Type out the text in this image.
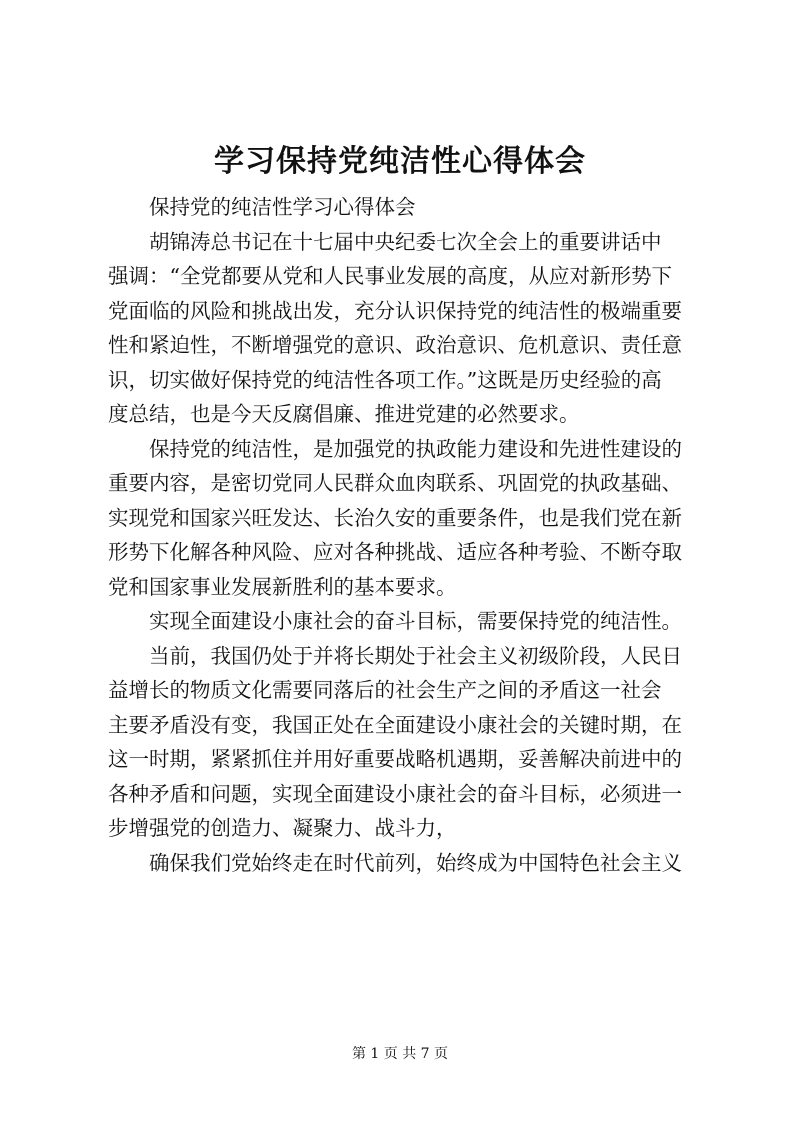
学习保持党纯洁性心得体会
保持党的纯洁性学习心得体会
胡锦涛总书记在十七届中央纪委七次全会上的重要讲话中
强调：“全党都要从党和人民事业发展的高度，从应对新形势下
党面临的风险和挑战出发，充分认识保持党的纯洁性的极端重要
性和紧迫性，不断增强党的意识、政治意识、危机意识、责任意
识，切实做好保持党的纯洁性各项工作。”这既是历史经验的高
度总结，也是今天反腐倡廉、推进党建的必然要求。
保持党的纯洁性，是加强党的执政能力建设和先进性建设的
重要内容，是密切党同人民群众血肉联系、巩固党的执政基础、
实现党和国家兴旺发达、长治久安的重要条件，也是我们党在新
形势下化解各种风险、应对各种挑战、适应各种考验、不断夺取
党和国家事业发展新胜利的基本要求。
实现全面建设小康社会的奋斗目标，需要保持党的纯洁性。
当前，我国仍处于并将长期处于社会主义初级阶段，人民日
益增长的物质文化需要同落后的社会生产之间的矛盾这一社会
主要矛盾没有变，我国正处在全面建设小康社会的关键时期，在
这一时期，紧紧抓住并用好重要战略机遇期，妥善解决前进中的
各种矛盾和问题，实现全面建设小康社会的奋斗目标，必须进一
步增强党的创造力、凝聚力、战斗力，
确保我们党始终走在时代前列，始终成为中国特色社会主义
第 1 页 共 7 页
